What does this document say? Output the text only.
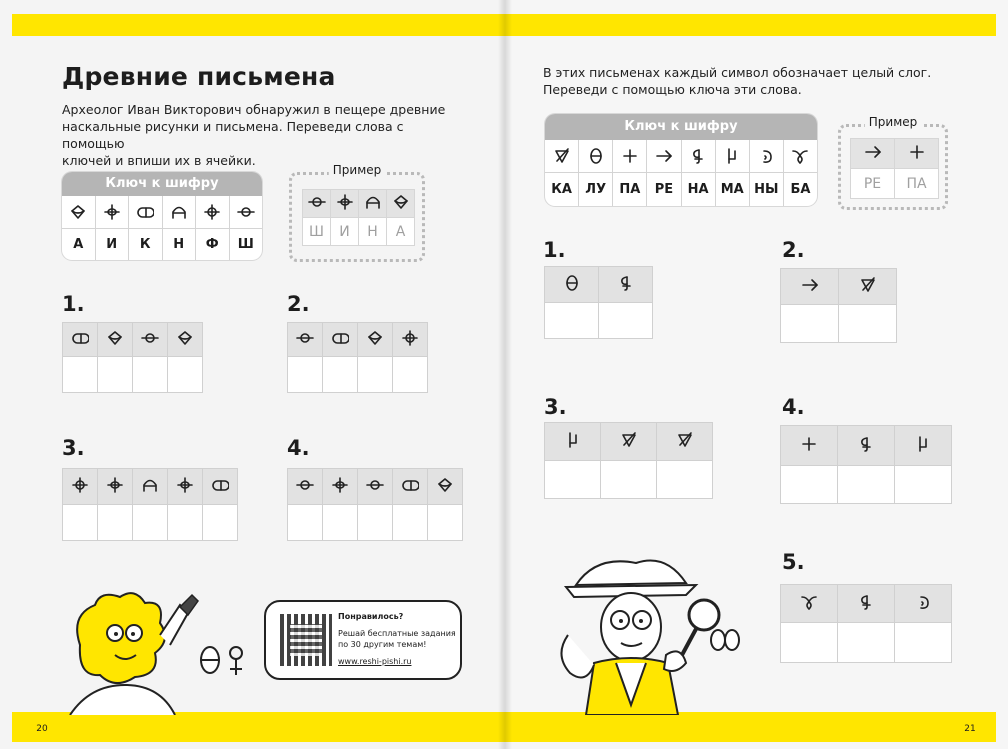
Древние письмена
Археолог Иван Викторович обнаружил в пещере древние
наскальные рисунки и письмена. Переведи слова с помощью
ключей и впиши их в ячейки.
Ключ к шифру
А	И	К	Н	Ф	Ш
Пример

Ш	И	Н	А
1.

				2.

3.

					4.

Понравилось?
Решай бесплатные задания
по 30 другим темам!
www.reshi-pishi.ru
20
В этих письменах каждый символ обозначает целый слог.
Переведи с помощью ключа эти слова.
Ключ к шифру
КА	ЛУ	ПА	РЕ	НА МА НЫ БА
Пример

РЕ	ПА
1.

		2.

3.

			4.

5.

21
